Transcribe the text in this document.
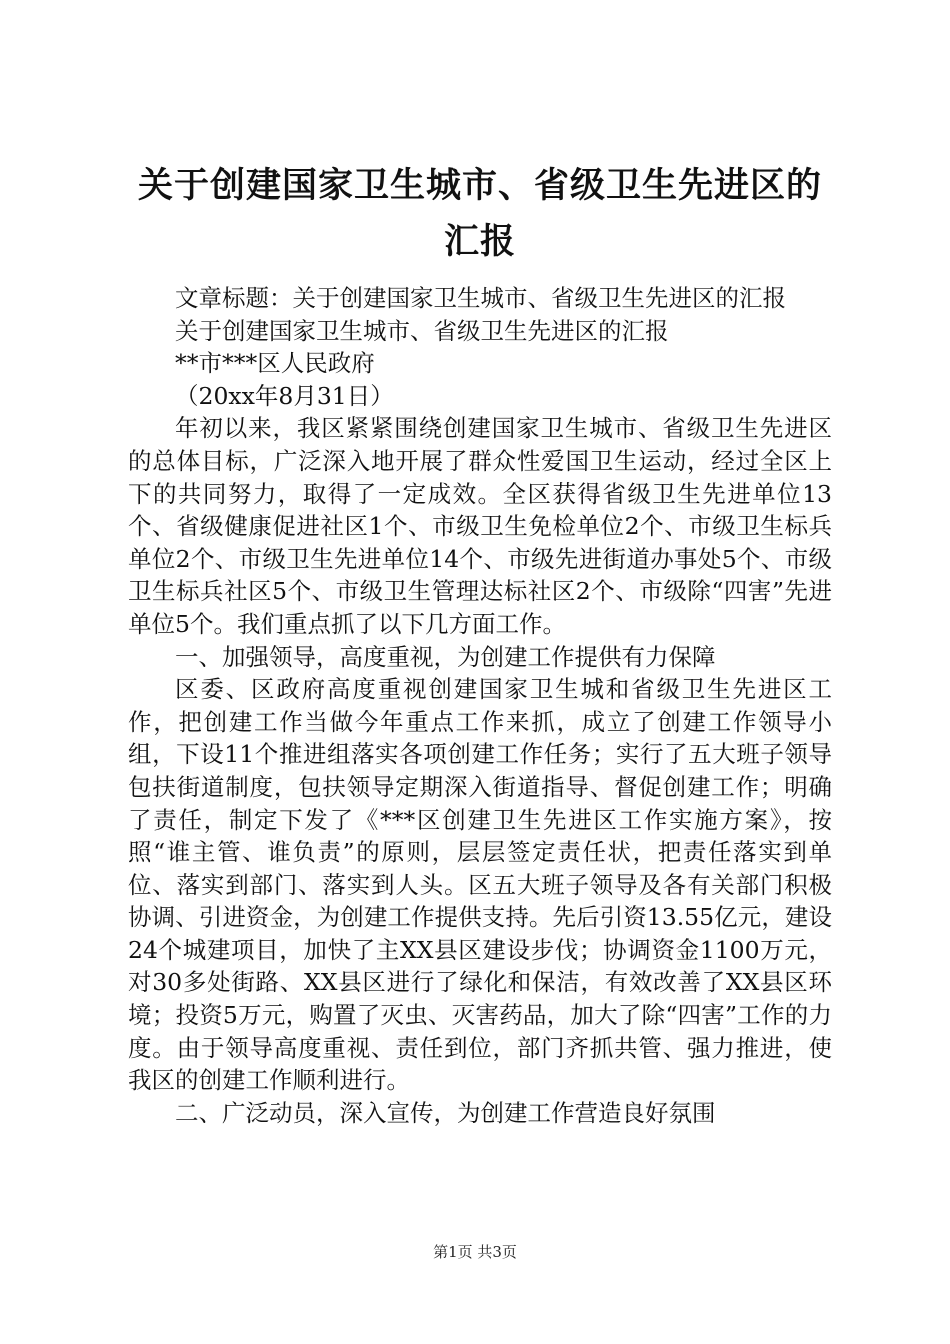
关于创建国家卫生城市、省级卫生先进区的汇报

文章标题：关于创建国家卫生城市、省级卫生先进区的汇报

关于创建国家卫生城市、省级卫生先进区的汇报

**市***区人民政府

（20xx年8月31日）

年初以来，我区紧紧围绕创建国家卫生城市、省级卫生先进区的总体目标，广泛深入地开展了群众性爱国卫生运动，经过全区上下的共同努力，取得了一定成效。全区获得省级卫生先进单位13个、省级健康促进社区1个、市级卫生免检单位2个、市级卫生标兵单位2个、市级卫生先进单位14个、市级先进街道办事处5个、市级卫生标兵社区5个、市级卫生管理达标社区2个、市级除“四害”先进单位5个。我们重点抓了以下几方面工作。

一、加强领导，高度重视，为创建工作提供有力保障

区委、区政府高度重视创建国家卫生城和省级卫生先进区工作，把创建工作当做今年重点工作来抓，成立了创建工作领导小组，下设11个推进组落实各项创建工作任务；实行了五大班子领导包扶街道制度，包扶领导定期深入街道指导、督促创建工作；明确了责任，制定下发了《***区创建卫生先进区工作实施方案》，按照“谁主管、谁负责”的原则，层层签定责任状，把责任落实到单位、落实到部门、落实到人头。区五大班子领导及各有关部门积极协调、引进资金，为创建工作提供支持。先后引资13.55亿元，建设24个城建项目，加快了主XX县区建设步伐；协调资金1100万元，对30多处街路、XX县区进行了绿化和保洁，有效改善了XX县区环境；投资5万元，购置了灭虫、灭害药品，加大了除“四害”工作的力度。由于领导高度重视、责任到位，部门齐抓共管、强力推进，使我区的创建工作顺利进行。

二、广泛动员，深入宣传，为创建工作营造良好氛围

第1页 共3页
